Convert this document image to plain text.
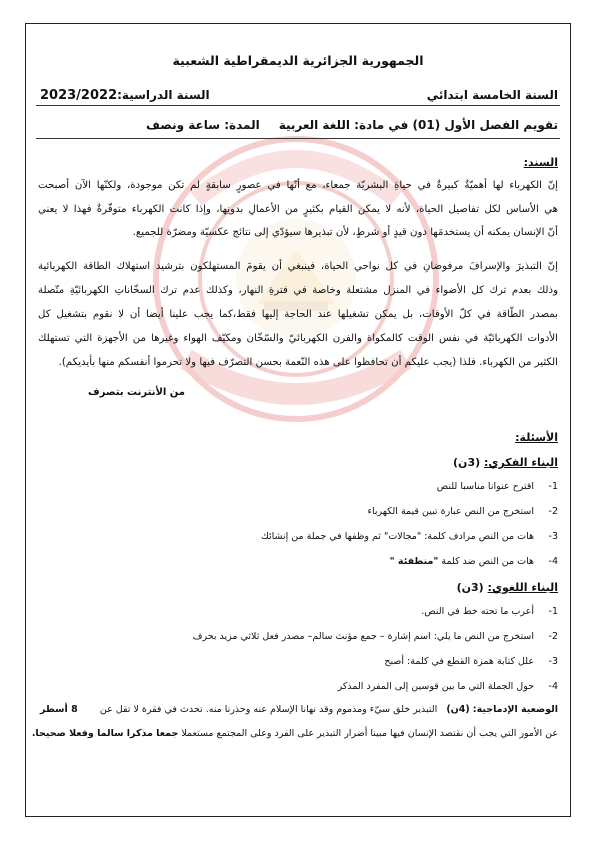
الجمهورية الجزائرية الديمقراطية الشعبية
السنة الخامسة ابتدائي
السنة الدراسية:2023/2022
تقويم الفصل الأول (01) في مادة: اللغة العربية
المدة: ساعة ونصف
السند:
إنّ الكهرباء لها أهميّةٌ كبيرةٌ في حياةِ البشريّة جمعاء، مع أنّها في عصورٍ سابقةٍ لم تكن موجودة، ولكنّها الآن أصبحت
هي الأساس لكل تفاصيل الحياة، لأنه لا يمكن القيام بكثيرٍ من الأعمالِ بدونِها، وإذا كانت الكهرباء متوفّرةٌ فهذا لا يعني
أنّ الإنسان يمكنه أن يستخدمَها دون قيدٍ أو شرطٍ، لأن تبذيرها سيؤدّي إلى نتائج عكسيّة ومضرّة للجميع.
إنّ التبذيرَ والإسرافَ مرفوضانِ في كل نواحي الحياة، فينبغي أن يقومَ المستهلكون بترشيد استهلاك الطاقة الكهربائية
وذلك بعدم ترك كل الأضواء في المنزل مشتعلة وخاصة في فترةِ النهار، وكذلك عدم ترك السخّاناتِ الكهربائيّةِ متّصلة
بمصدر الطّاقة في كلّ الأوقات، بل يمكن تشغيلها عند الحاجة إليها فقط،كما يجب علينا أيضا أن لا نقوم بتشغيل كل
الأدوات الكهربائيّة في نفس الوقت كالمكواة والفرن الكهربائيّ والسّخّان ومكيّف الهواء وغيرها من الأجهزة التي تستهلك
الكثير من الكهرباء. فلذا (يجب عليكم أن تحافظوا على هذه النّعمة بحسن التصرّف فيها ولا تحرموا أنفسكم منها بأيديكم).
من الأنترنت بتصرف
الأسئلة:
البناء الفكري: (3ن)
1-اقترح عنوانا مناسبا للنص
2-استخرج من النص عبارة تبين قيمة الكهرباء
3-هات من النص مرادف كلمة: "مجالات" ثم وظفها في جملة من إنشائك
4-هات من النص ضد كلمة "منطفئة "
البناء اللغوي: (3ن)
1-أعرب ما تحته خط في النص.
2-استخرج من النص ما يلي: اسم إشارة – جمع مؤنث سالم– مصدر فعل ثلاثي مزيد بحرف
3-علل كتابة همزة القطع في كلمة: أصبح
4-حول الجملة التي ما بين قوسين إلى المفرد المذكر
الوضعية الإدماجية: (4ن)   التبذير خلق سيّء ومذموم وقد نهانا الإسلام عنه وحذرنا منه. تحدث في فقرة لا تقل عن
8 أسطر
عن الأمور التي يجب أن نقتصد الإنسان فيها مبينا أضرار التبذير على الفرد وعلى المجتمع مستعملا جمعا مذكرا سالما وفعلا صحيحا.
